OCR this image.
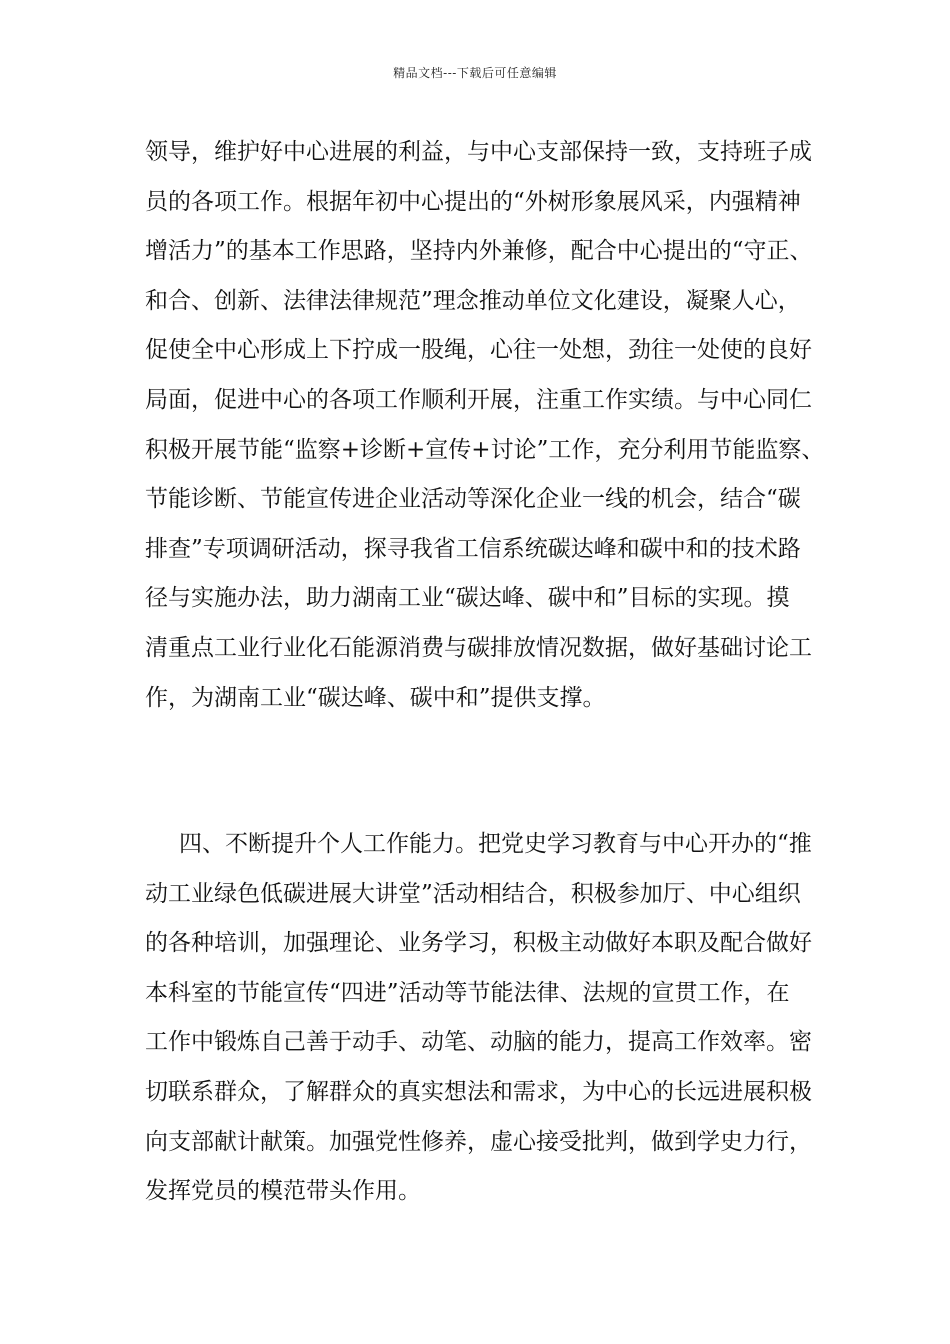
精品文档---下载后可任意编辑
领导，维护好中心进展的利益，与中心支部保持一致，支持班子成
员的各项工作。根据年初中心提出的“外树形象展风采，内强精神
增活力”的基本工作思路，坚持内外兼修，配合中心提出的“守正、
和合、创新、法律法律规范”理念推动单位文化建设，凝聚人心，
促使全中心形成上下拧成一股绳，心往一处想，劲往一处使的良好
局面，促进中心的各项工作顺利开展，注重工作实绩。与中心同仁
积极开展节能“监察+诊断+宣传+讨论”工作，充分利用节能监察、
节能诊断、节能宣传进企业活动等深化企业一线的机会，结合“碳
排查”专项调研活动，探寻我省工信系统碳达峰和碳中和的技术路
径与实施办法，助力湖南工业“碳达峰、碳中和”目标的实现。摸
清重点工业行业化石能源消费与碳排放情况数据，做好基础讨论工
作，为湖南工业“碳达峰、碳中和”提供支撑。
四、不断提升个人工作能力。把党史学习教育与中心开办的“推
动工业绿色低碳进展大讲堂”活动相结合，积极参加厅、中心组织
的各种培训，加强理论、业务学习，积极主动做好本职及配合做好
本科室的节能宣传“四进”活动等节能法律、法规的宣贯工作，在
工作中锻炼自己善于动手、动笔、动脑的能力，提高工作效率。密
切联系群众，了解群众的真实想法和需求，为中心的长远进展积极
向支部献计献策。加强党性修养，虚心接受批判，做到学史力行，
发挥党员的模范带头作用。
